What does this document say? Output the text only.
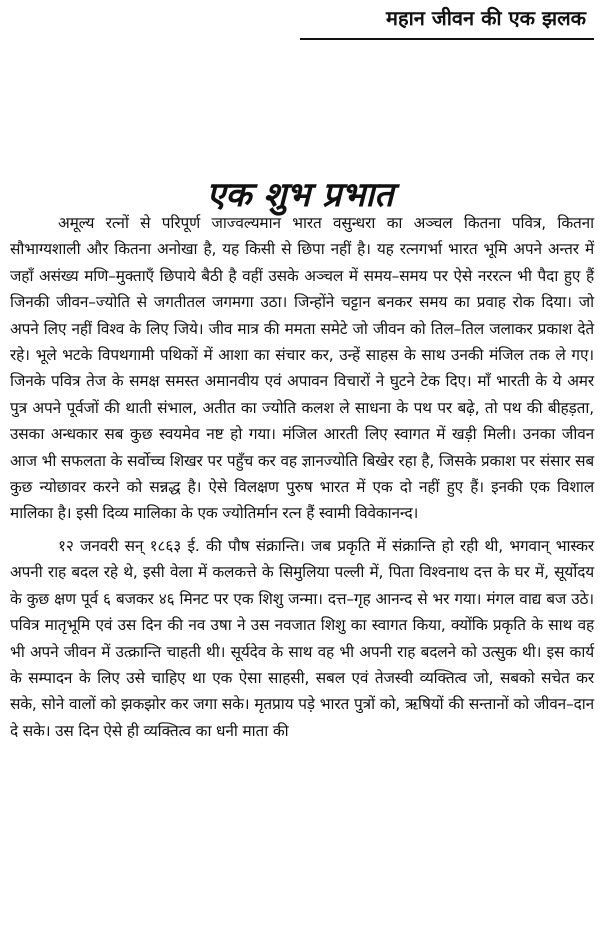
महान जीवन की एक झलक
एक शुभ प्रभात

अमूल्य रत्नों से परिपूर्ण जाज्वल्यमान भारत वसुन्धरा का अञ्चल कितना पवित्र, कितना सौभाग्यशाली और कितना अनोखा है, यह किसी से छिपा नहीं है। यह रत्नगर्भा भारत भूमि अपने अन्तर में जहाँ असंख्य मणि–मुक्ताएँ छिपाये बैठी है वहीं उसके अञ्चल में समय–समय पर ऐसे नररत्न भी पैदा हुए हैं जिनकी जीवन–ज्योति से जगतीतल जगमगा उठा। जिन्होंने चट्टान बनकर समय का प्रवाह रोक दिया। जो अपने लिए नहीं विश्व के लिए जिये। जीव मात्र की ममता समेटे जो जीवन को तिल–तिल जलाकर प्रकाश देते रहे। भूले भटके विपथगामी पथिकों में आशा का संचार कर, उन्हें साहस के साथ उनकी मंजिल तक ले गए। जिनके पवित्र तेज के समक्ष समस्त अमानवीय एवं अपावन विचारों ने घुटने टेक दिए। माँ भारती के ये अमर पुत्र अपने पूर्वजों की थाती संभाल, अतीत का ज्योति कलश ले साधना के पथ पर बढ़े, तो पथ की बीहड़ता, उसका अन्धकार सब कुछ स्वयमेव नष्ट हो गया। मंजिल आरती लिए स्वागत में खड़ी मिली। उनका जीवन आज भी सफलता के सर्वोच्च शिखर पर पहुँच कर वह ज्ञानज्योति बिखेर रहा है, जिसके प्रकाश पर संसार सब कुछ न्योछावर करने को सन्नद्ध है। ऐसे विलक्षण पुरुष भारत में एक दो नहीं हुए हैं। इनकी एक विशाल मालिका है। इसी दिव्य मालिका के एक ज्योतिर्मान रत्न हैं स्वामी विवेकानन्द।

१२ जनवरी सन् १८६३ ई. की पौष संक्रान्ति। जब प्रकृति में संक्रान्ति हो रही थी, भगवान् भास्कर अपनी राह बदल रहे थे, इसी वेला में कलकत्ते के सिमुलिया पल्ली में, पिता विश्वनाथ दत्त के घर में, सूर्योदय के कुछ क्षण पूर्व ६ बजकर ४६ मिनट पर एक शिशु जन्मा। दत्त–गृह आनन्द से भर गया। मंगल वाद्य बज उठे। पवित्र मातृभूमि एवं उस दिन की नव उषा ने उस नवजात शिशु का स्वागत किया, क्योंकि प्रकृति के साथ वह भी अपने जीवन में उत्क्रान्ति चाहती थी। सूर्यदेव के साथ वह भी अपनी राह बदलने को उत्सुक थी। इस कार्य के सम्पादन के लिए उसे चाहिए था एक ऐसा साहसी, सबल एवं तेजस्वी व्यक्तित्व जो, सबको सचेत कर सके, सोने वालों को झकझोर कर जगा सके। मृतप्राय पड़े भारत पुत्रों को, ऋषियों की सन्तानों को जीवन–दान दे सके। उस दिन ऐसे ही व्यक्तित्व का धनी माता की
